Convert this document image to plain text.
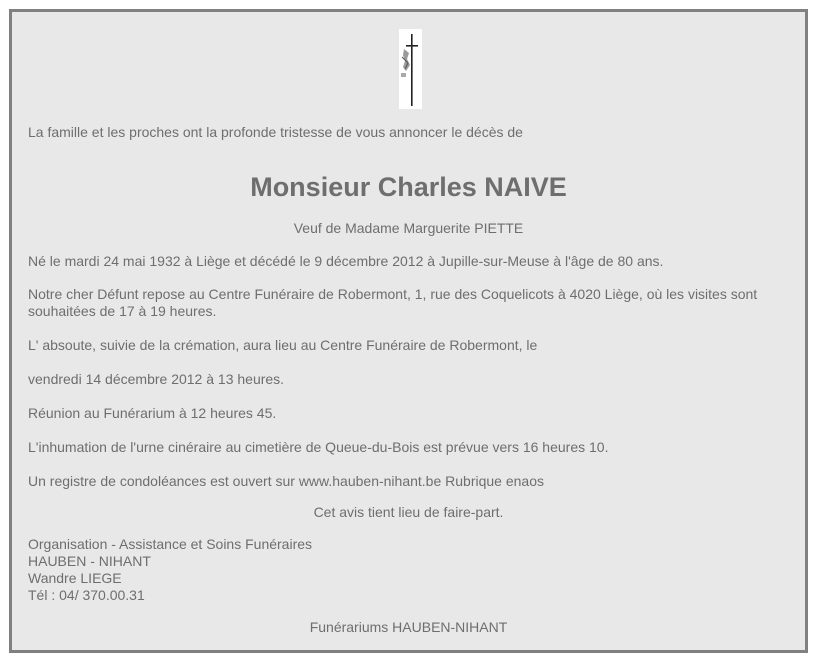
La famille et les proches ont la profonde tristesse de vous annoncer le décès de
Monsieur Charles NAIVE
Veuf de Madame Marguerite PIETTE
Né le mardi 24 mai 1932 à Liège et décédé le 9 décembre 2012 à Jupille-sur-Meuse à l'âge de 80 ans.
Notre cher Défunt repose au Centre Funéraire de Robermont, 1, rue des Coquelicots à 4020 Liège, où les visites sont souhaitées de 17 à 19 heures.
L' absoute, suivie de la crémation, aura lieu au Centre Funéraire de Robermont, le
vendredi 14 décembre 2012 à 13 heures.
Réunion au Funérarium à 12 heures 45.
L'inhumation de l'urne cinéraire au cimetière de Queue-du-Bois est prévue vers 16 heures 10.
Un registre de condoléances est ouvert sur www.hauben-nihant.be Rubrique enaos
Cet avis tient lieu de faire-part.
Organisation - Assistance et Soins Funéraires
HAUBEN - NIHANT
Wandre LIEGE
Tél : 04/ 370.00.31
Funérariums HAUBEN-NIHANT
